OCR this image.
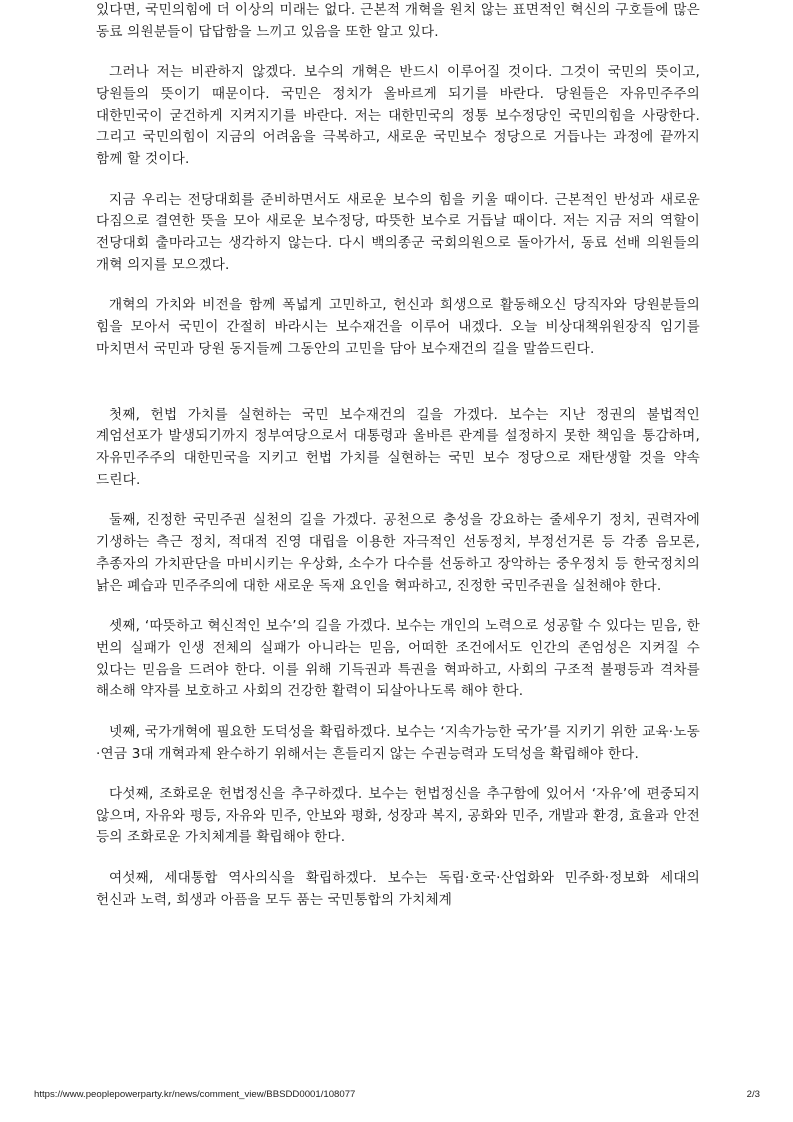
있다면, 국민의힘에 더 이상의 미래는 없다. 근본적 개혁을 원치 않는 표면적인 혁신의 구호들에 많은 동료 의원분들이 답답함을 느끼고 있음을 또한 알고 있다.

그러나 저는 비관하지 않겠다. 보수의 개혁은 반드시 이루어질 것이다. 그것이 국민의 뜻이고, 당원들의 뜻이기 때문이다. 국민은 정치가 올바르게 되기를 바란다. 당원들은 자유민주주의 대한민국이 굳건하게 지켜지기를 바란다. 저는 대한민국의 정통 보수정당인 국민의힘을 사랑한다. 그리고 국민의힘이 지금의 어려움을 극복하고, 새로운 국민보수 정당으로 거듭나는 과정에 끝까지 함께 할 것이다.

지금 우리는 전당대회를 준비하면서도 새로운 보수의 힘을 키울 때이다. 근본적인 반성과 새로운 다짐으로 결연한 뜻을 모아 새로운 보수정당, 따뜻한 보수로 거듭날 때이다. 저는 지금 저의 역할이 전당대회 출마라고는 생각하지 않는다. 다시 백의종군 국회의원으로 돌아가서, 동료 선배 의원들의 개혁 의지를 모으겠다.

개혁의 가치와 비전을 함께 폭넓게 고민하고, 헌신과 희생으로 활동해오신 당직자와 당원분들의 힘을 모아서 국민이 간절히 바라시는 보수재건을 이루어 내겠다. 오늘 비상대책위원장직 임기를 마치면서 국민과 당원 동지들께 그동안의 고민을 담아 보수재건의 길을 말씀드린다.

첫째, 헌법 가치를 실현하는 국민 보수재건의 길을 가겠다. 보수는 지난 정권의 불법적인 계엄선포가 발생되기까지 정부여당으로서 대통령과 올바른 관계를 설정하지 못한 책임을 통감하며, 자유민주주의 대한민국을 지키고 헌법 가치를 실현하는 국민 보수 정당으로 재탄생할 것을 약속 드린다.

둘째, 진정한 국민주권 실천의 길을 가겠다. 공천으로 충성을 강요하는 줄세우기 정치, 권력자에 기생하는 측근 정치, 적대적 진영 대립을 이용한 자극적인 선동정치, 부정선거론 등 각종 음모론, 추종자의 가치판단을 마비시키는 우상화, 소수가 다수를 선동하고 장악하는 중우정치 등 한국정치의 낡은 폐습과 민주주의에 대한 새로운 독재 요인을 혁파하고, 진정한 국민주권을 실천해야 한다.

셋째, ‘따뜻하고 혁신적인 보수’의 길을 가겠다. 보수는 개인의 노력으로 성공할 수 있다는 믿음, 한 번의 실패가 인생 전체의 실패가 아니라는 믿음, 어떠한 조건에서도 인간의 존엄성은 지켜질 수 있다는 믿음을 드려야 한다. 이를 위해 기득권과 특권을 혁파하고, 사회의 구조적 불평등과 격차를 해소해 약자를 보호하고 사회의 건강한 활력이 되살아나도록 해야 한다.

넷째, 국가개혁에 필요한 도덕성을 확립하겠다. 보수는 ‘지속가능한 국가’를 지키기 위한 교육·노동·연금 3대 개혁과제 완수하기 위해서는 흔들리지 않는 수권능력과 도덕성을 확립해야 한다.

다섯째, 조화로운 헌법정신을 추구하겠다. 보수는 헌법정신을 추구함에 있어서 ‘자유’에 편중되지 않으며, 자유와 평등, 자유와 민주, 안보와 평화, 성장과 복지, 공화와 민주, 개발과 환경, 효율과 안전 등의 조화로운 가치체계를 확립해야 한다.

여섯째, 세대통합 역사의식을 확립하겠다. 보수는 독립·호국·산업화와 민주화·정보화 세대의 헌신과 노력, 희생과 아픔을 모두 품는 국민통합의 가치체계

https://www.peoplepowerparty.kr/news/comment_view/BBSDD0001/108077	2/3
